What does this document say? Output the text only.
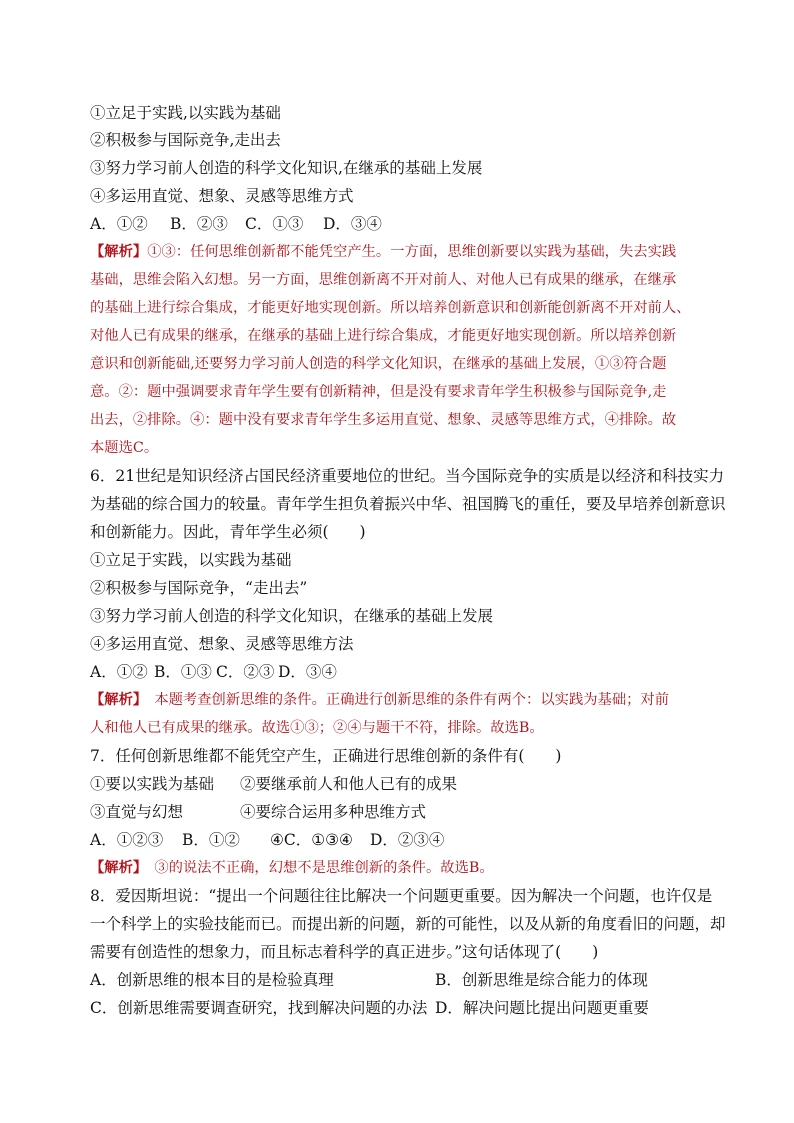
①立足于实践,以实践为基础
②积极参与国际竞争,走出去
③努力学习前人创造的科学文化知识,在继承的基础上发展
④多运用直觉、想象、灵感等思维方式
A．①② B．②③ C．①③ D．③④
【解析】①③：任何思维创新都不能凭空产生。一方面，思维创新要以实践为基础，失去实践
基础，思维会陷入幻想。另一方面，思维创新离不开对前人、对他人已有成果的继承，在继承
的基础上进行综合集成，才能更好地实现创新。所以培养创新意识和创新能创新离不开对前人、
对他人已有成果的继承，在继承的基础上进行综合集成，才能更好地实现创新。所以培养创新
意识和创新能础,还要努力学习前人创造的科学文化知识，在继承的基础上发展，①③符合题
意。②：题中强调要求青年学生要有创新精神，但是没有要求青年学生积极参与国际竞争,走
出去，②排除。④：题中没有要求青年学生多运用直觉、想象、灵感等思维方式，④排除。故
本题选C。
6．21世纪是知识经济占国民经济重要地位的世纪。当今国际竞争的实质是以经济和科技实力
为基础的综合国力的较量。青年学生担负着振兴中华、祖国腾飞的重任，要及早培养创新意识
和创新能力。因此，青年学生必须(　　)
①立足于实践，以实践为基础
②积极参与国际竞争，“走出去”
③努力学习前人创造的科学文化知识，在继承的基础上发展
④多运用直觉、想象、灵感等思维方法
A．①② B．①③ C．②③ D．③④
【解析】　本题考查创新思维的条件。正确进行创新思维的条件有两个：以实践为基础；对前
人和他人已有成果的继承。故选①③；②④与题干不符，排除。故选B。
7．任何创新思维都不能凭空产生，正确进行思维创新的条件有(　　)
①要以实践为基础 ②要继承前人和他人已有的成果
③直觉与幻想	④要综合运用多种思维方式
A．①②③ B．①② ④C．①③④ D．②③④
【解析】　③的说法不正确，幻想不是思维创新的条件。故选B。
8．爱因斯坦说：“提出一个问题往往比解决一个问题更重要。因为解决一个问题，也许仅是
一个科学上的实验技能而已。而提出新的问题，新的可能性，以及从新的角度看旧的问题，却
需要有创造性的想象力，而且标志着科学的真正进步。”这句话体现了(　　)
A．创新思维的根本目的是检验真理	B．创新思维是综合能力的体现
C．创新思维需要调查研究，找到解决问题的办法 D．解决问题比提出问题更重要
